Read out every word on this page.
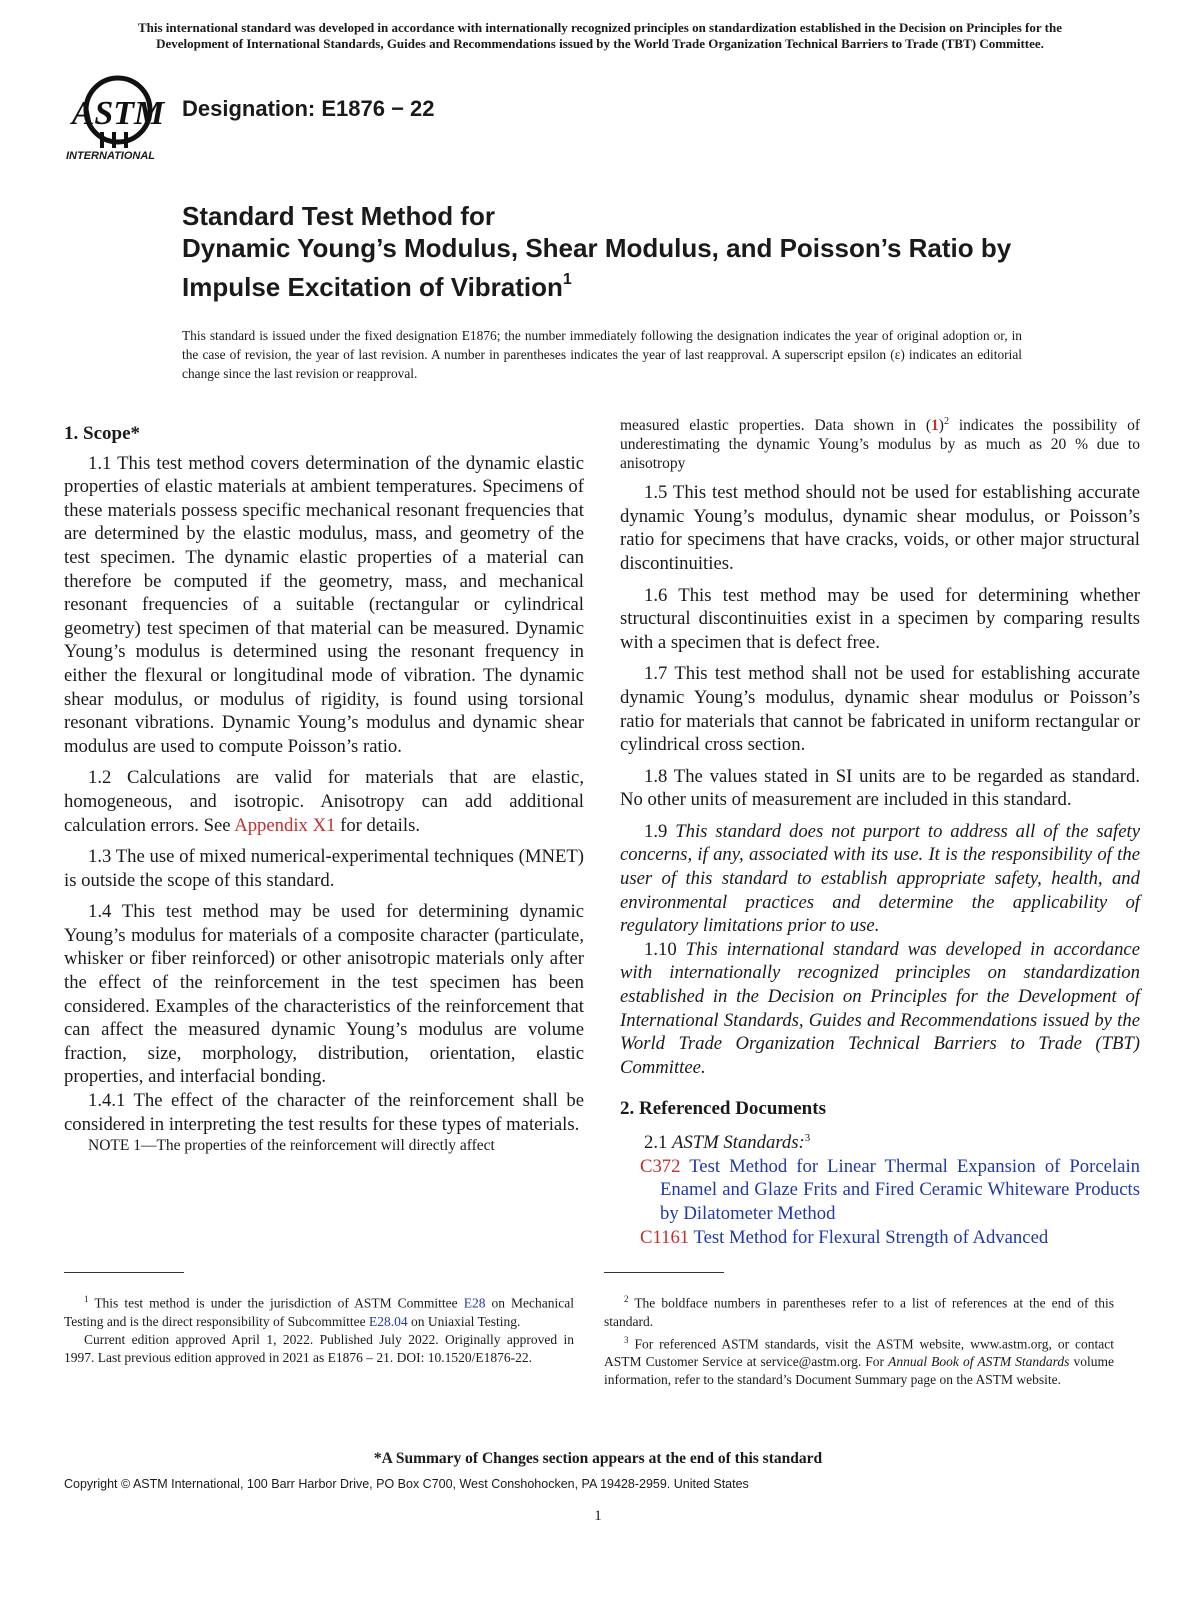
This international standard was developed in accordance with internationally recognized principles on standardization established in the Decision on Principles for the
Development of International Standards, Guides and Recommendations issued by the World Trade Organization Technical Barriers to Trade (TBT) Committee.
ASTM
INTERNATIONAL
Designation: E1876 − 22
Standard Test Method for
Dynamic Young’s Modulus, Shear Modulus, and Poisson’s Ratio by Impulse Excitation of Vibration$^1$
This standard is issued under the fixed designation E1876; the number immediately following the designation indicates the year of original adoption or, in the case of revision, the year of last revision. A number in parentheses indicates the year of last reapproval. A superscript epsilon (ε) indicates an editorial change since the last revision or reapproval.
1. Scope*

1.1 This test method covers determination of the dynamic elastic properties of elastic materials at ambient temperatures. Specimens of these materials possess specific mechanical resonant frequencies that are determined by the elastic modulus, mass, and geometry of the test specimen. The dynamic elastic properties of a material can therefore be computed if the geometry, mass, and mechanical resonant frequencies of a suitable (rectangular or cylindrical geometry) test specimen of that material can be measured. Dynamic Young’s modulus is determined using the resonant frequency in either the flexural or longitudinal mode of vibration. The dynamic shear modulus, or modulus of rigidity, is found using torsional resonant vibrations. Dynamic Young’s modulus and dynamic shear modulus are used to compute Poisson’s ratio.

1.2 Calculations are valid for materials that are elastic, homogeneous, and isotropic. Anisotropy can add additional calculation errors. See Appendix X1 for details.

1.3 The use of mixed numerical-experimental techniques (MNET) is outside the scope of this standard.

1.4 This test method may be used for determining dynamic Young’s modulus for materials of a composite character (particulate, whisker or fiber reinforced) or other anisotropic materials only after the effect of the reinforcement in the test specimen has been considered. Examples of the characteristics of the reinforcement that can affect the measured dynamic Young’s modulus are volume fraction, size, morphology, distribution, orientation, elastic properties, and interfacial bonding.

1.4.1 The effect of the character of the reinforcement shall be considered in interpreting the test results for these types of materials.

NOTE 1—The properties of the reinforcement will directly affect

measured elastic properties. Data shown in $(1)^2$ indicates the possibility of underestimating the dynamic Young’s modulus by as much as 20 % due to anisotropy

1.5 This test method should not be used for establishing accurate dynamic Young’s modulus, dynamic shear modulus, or Poisson’s ratio for specimens that have cracks, voids, or other major structural discontinuities.

1.6 This test method may be used for determining whether structural discontinuities exist in a specimen by comparing results with a specimen that is defect free.

1.7 This test method shall not be used for establishing accurate dynamic Young’s modulus, dynamic shear modulus or Poisson’s ratio for materials that cannot be fabricated in uniform rectangular or cylindrical cross section.

1.8 The values stated in SI units are to be regarded as standard. No other units of measurement are included in this standard.

1.9 This standard does not purport to address all of the safety concerns, if any, associated with its use. It is the responsibility of the user of this standard to establish appropriate safety, health, and environmental practices and determine the applicability of regulatory limitations prior to use.

1.10 This international standard was developed in accordance with internationally recognized principles on standardization established in the Decision on Principles for the Development of International Standards, Guides and Recommendations issued by the World Trade Organization Technical Barriers to Trade (TBT) Committee.

2. Referenced Documents

2.1 ASTM Standards:$^3$

C372 Test Method for Linear Thermal Expansion of Porcelain Enamel and Glaze Frits and Fired Ceramic Whiteware Products by Dilatometer Method

C1161 Test Method for Flexural Strength of Advanced

$^1$ This test method is under the jurisdiction of ASTM Committee E28 on Mechanical Testing and is the direct responsibility of Subcommittee E28.04 on Uniaxial Testing.

Current edition approved April 1, 2022. Published July 2022. Originally approved in 1997. Last previous edition approved in 2021 as E1876 – 21. DOI: 10.1520/E1876-22.

$^2$ The boldface numbers in parentheses refer to a list of references at the end of this standard.

$^3$ For referenced ASTM standards, visit the ASTM website, www.astm.org, or contact ASTM Customer Service at service@astm.org. For Annual Book of ASTM Standards volume information, refer to the standard’s Document Summary page on the ASTM website.

*A Summary of Changes section appears at the end of this standard
Copyright © ASTM International, 100 Barr Harbor Drive, PO Box C700, West Conshohocken, PA 19428-2959. United States
1
